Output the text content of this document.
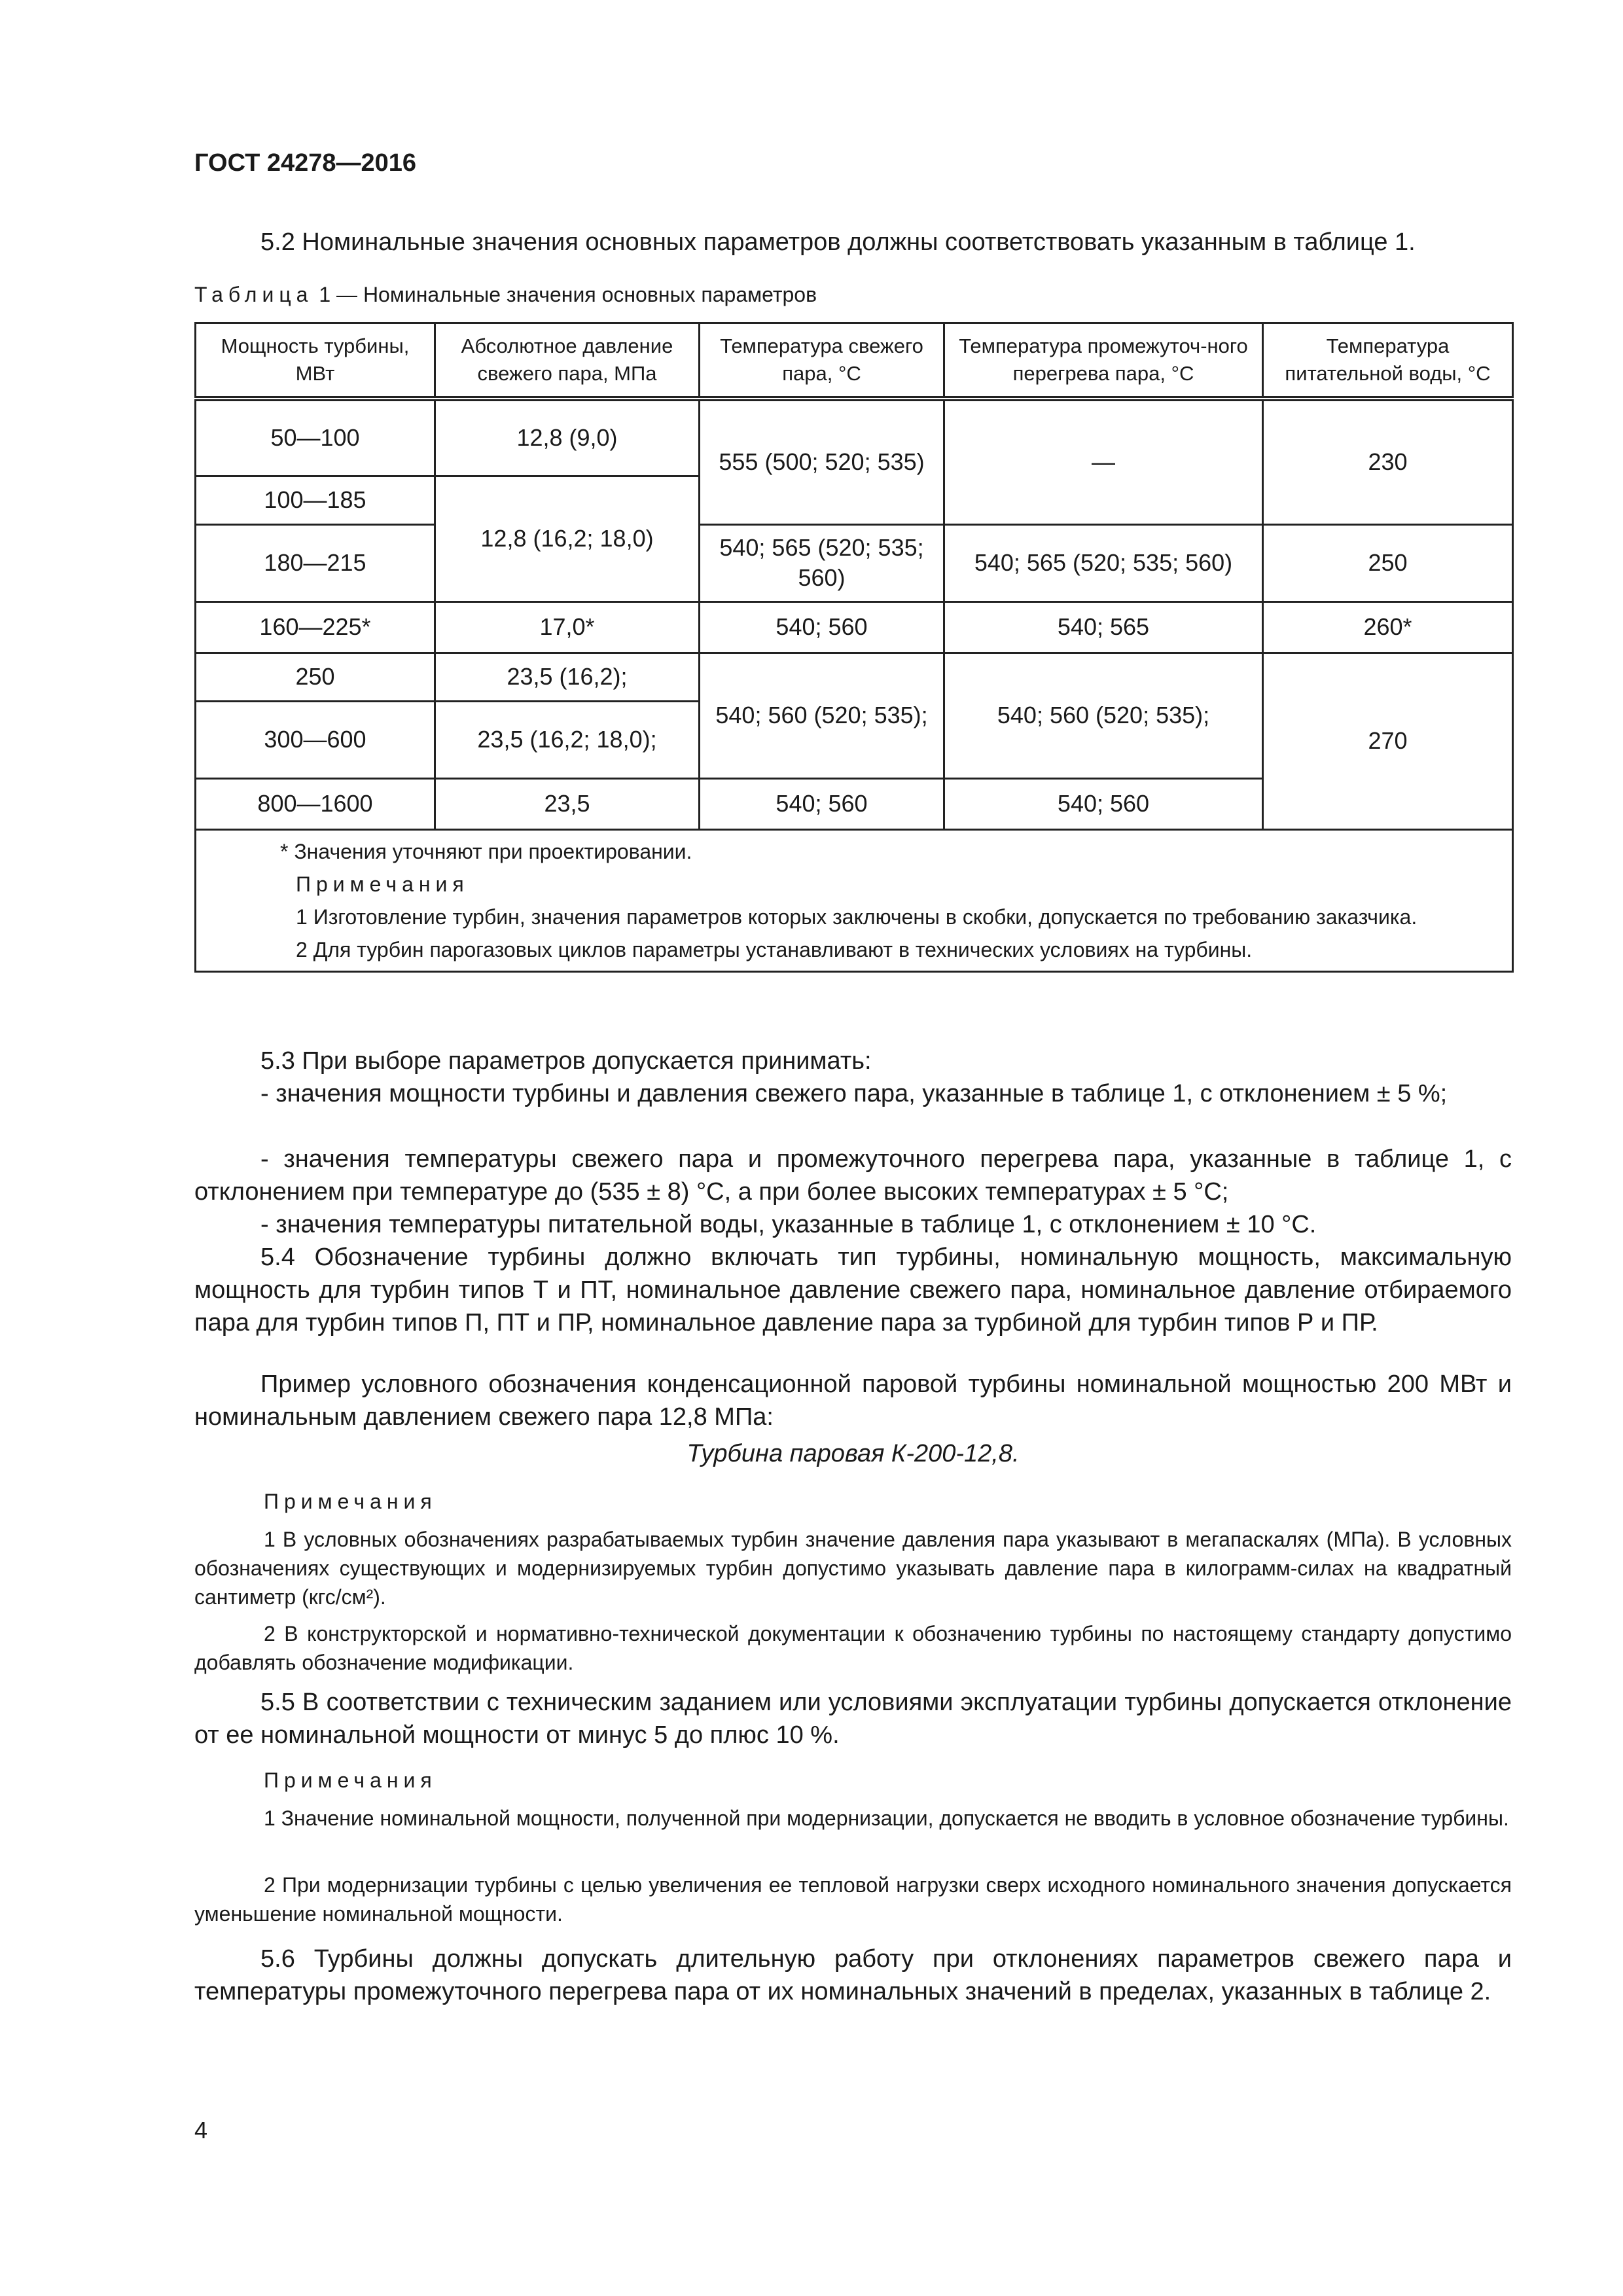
ГОСТ 24278—2016
5.2 Номинальные значения основных параметров должны соответствовать указанным в таблице 1.
Таблица 1 — Номинальные значения основных параметров
Мощность турбины, МВт	Абсолютное давление свежего пара, МПа	Температура свежего пара, °С	Температура промежуточ-ного перегрева пара, °С	Температура питательной воды, °С
50—100	12,8 (9,0)	555 (500; 520; 535)	—	230
100—185	12,8 (16,2; 18,0)			
180—215		540; 565 (520; 535; 560)	540; 565 (520; 535; 560)	250
160—225*	17,0*	540; 560	540; 565	260*
250	23,5 (16,2);	540; 560 (520; 535);	540; 560 (520; 535);	270
300—600	23,5 (16,2; 18,0);			
800—1600	23,5	540; 560	540; 560	

* Значения уточняют при проектировании.

Примечания

1 Изготовление турбин, значения параметров которых заключены в скобки, допускается по требованию заказчика.

2 Для турбин парогазовых циклов параметры устанавливают в технических условиях на турбины.				

5.3 При выборе параметров допускается принимать:
- значения мощности турбины и давления свежего пара, указанные в таблице 1, с отклонением ± 5 %;
- значения температуры свежего пара и промежуточного перегрева пара, указанные в таблице 1, с отклонением при температуре до (535 ± 8) °С, а при более высоких температурах ± 5 °С;
- значения температуры питательной воды, указанные в таблице 1, с отклонением ± 10 °С.
5.4 Обозначение турбины должно включать тип турбины, номинальную мощность, максимальную мощность для турбин типов Т и ПТ, номинальное давление свежего пара, номинальное давление отбираемого пара для турбин типов П, ПТ и ПР, номинальное давление пара за турбиной для турбин типов Р и ПР.
Пример условного обозначения конденсационной паровой турбины номинальной мощностью 200 МВт и номинальным давлением свежего пара 12,8 МПа:
Турбина паровая К-200-12,8.
Примечания
1 В условных обозначениях разрабатываемых турбин значение давления пара указывают в мегапаскалях (МПа). В условных обозначениях существующих и модернизируемых турбин допустимо указывать давление пара в килограмм-силах на квадратный сантиметр (кгс/см²).
2 В конструкторской и нормативно-технической документации к обозначению турбины по настоящему стандарту допустимо добавлять обозначение модификации.
5.5 В соответствии с техническим заданием или условиями эксплуатации турбины допускается отклонение от ее номинальной мощности от минус 5 до плюс 10 %.
Примечания
1 Значение номинальной мощности, полученной при модернизации, допускается не вводить в условное обозначение турбины.
2 При модернизации турбины с целью увеличения ее тепловой нагрузки сверх исходного номинального значения допускается уменьшение номинальной мощности.
5.6 Турбины должны допускать длительную работу при отклонениях параметров свежего пара и температуры промежуточного перегрева пара от их номинальных значений в пределах, указанных в таблице 2.
4
